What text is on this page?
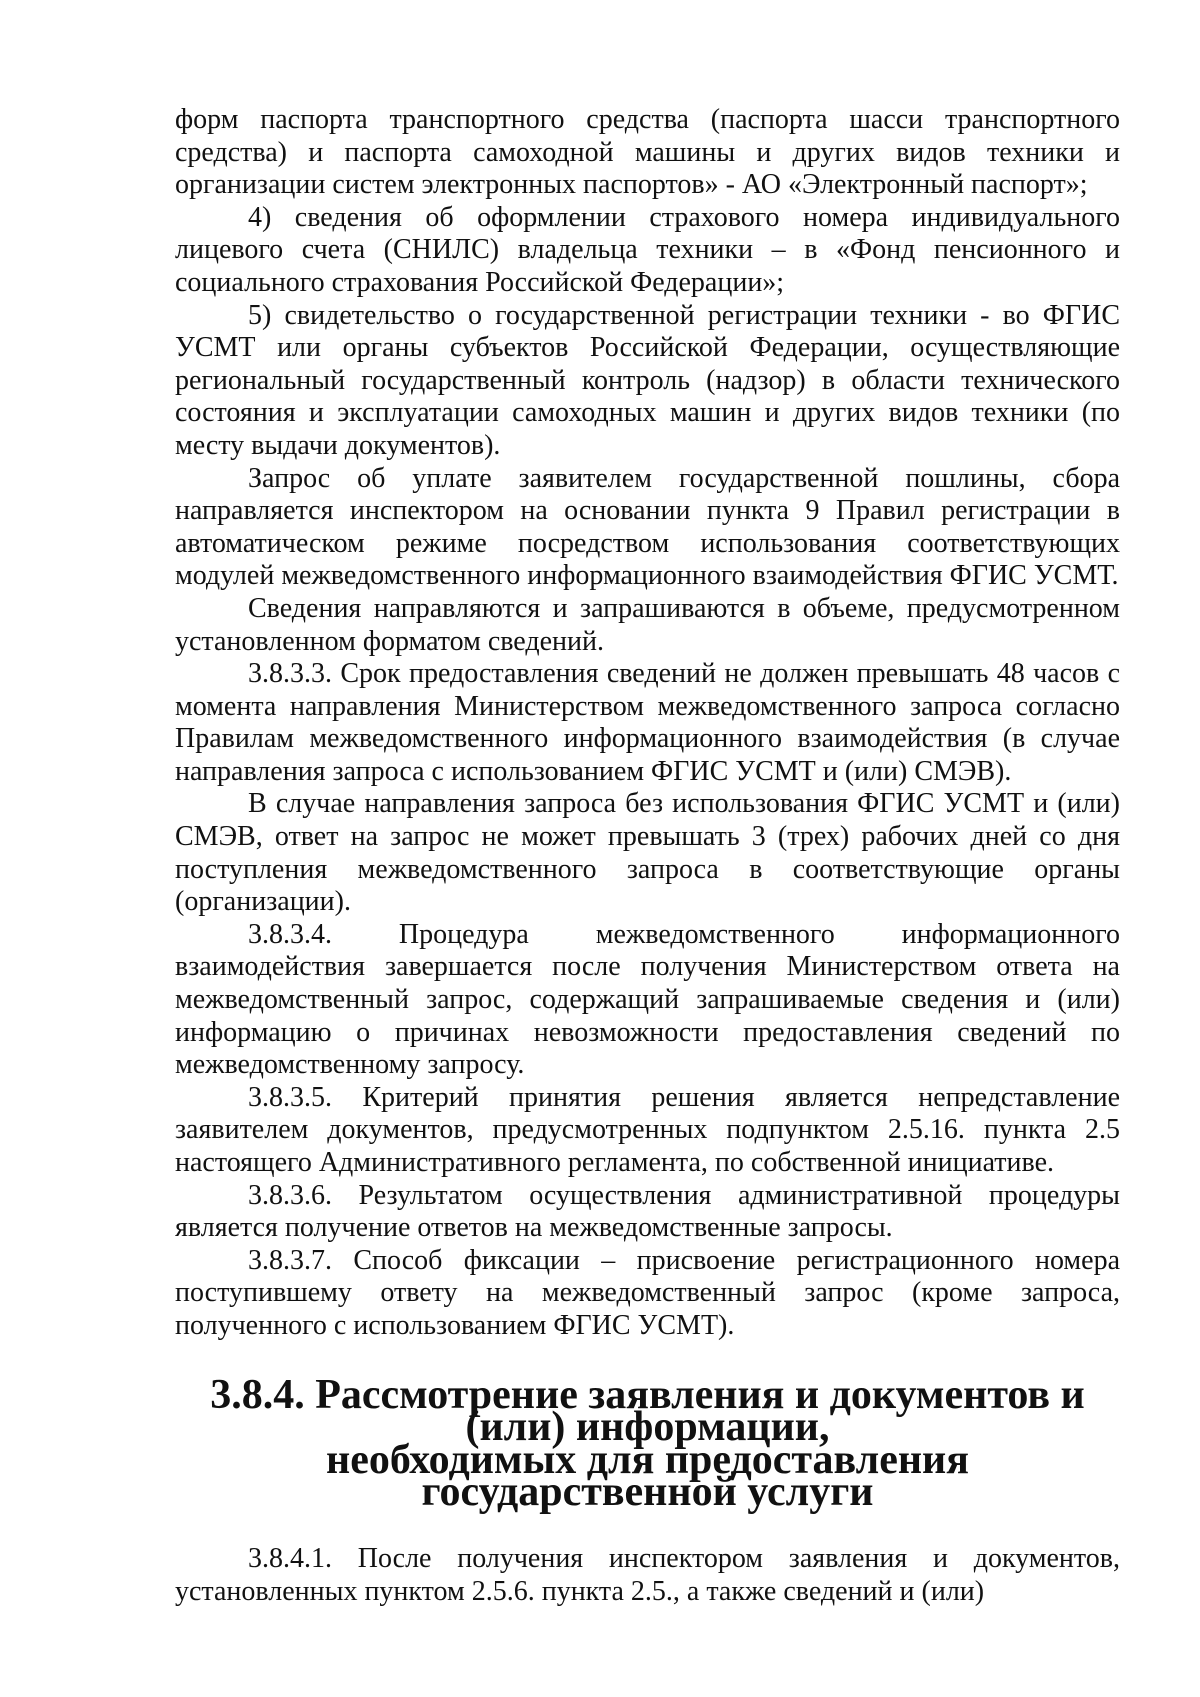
форм паспорта транспортного средства (паспорта шасси транспортного средства) и паспорта самоходной машины и других видов техники и организации систем электронных паспортов» - АО «Электронный паспорт»;

4) сведения об оформлении страхового номера индивидуального лицевого счета (СНИЛС) владельца техники – в «Фонд пенсионного и социального страхования Российской Федерации»;

5) свидетельство о государственной регистрации техники - во ФГИС УСМТ или органы субъектов Российской Федерации, осуществляющие региональный государственный контроль (надзор) в области технического состояния и эксплуатации самоходных машин и других видов техники (по месту выдачи документов).

Запрос об уплате заявителем государственной пошлины, сбора направляется инспектором на основании пункта 9 Правил регистрации в автоматическом режиме посредством использования соответствующих модулей межведомственного информационного взаимодействия ФГИС УСМТ.

Сведения направляются и запрашиваются в объеме, предусмотренном установленном форматом сведений.

3.8.3.3. Срок предоставления сведений не должен превышать 48 часов с момента направления Министерством межведомственного запроса согласно Правилам межведомственного информационного взаимодействия (в случае направления запроса с использованием ФГИС УСМТ и (или) СМЭВ).

В случае направления запроса без использования ФГИС УСМТ и (или) СМЭВ, ответ на запрос не может превышать 3 (трех) рабочих дней со дня поступления межведомственного запроса в соответствующие органы (организации).

3.8.3.4. Процедура межведомственного информационного взаимодействия завершается после получения Министерством ответа на межведомственный запрос, содержащий запрашиваемые сведения и (или) информацию о причинах невозможности предоставления сведений по межведомственному запросу.

3.8.3.5. Критерий принятия решения является непредставление заявителем документов, предусмотренных подпунктом 2.5.16. пункта 2.5 настоящего Административного регламента, по собственной инициативе.

3.8.3.6. Результатом осуществления административной процедуры является получение ответов на межведомственные запросы.

3.8.3.7. Способ фиксации – присвоение регистрационного номера поступившему ответу на межведомственный запрос (кроме запроса, полученного с использованием ФГИС УСМТ).

3.8.4. Рассмотрение заявления и документов и (или) информации,
необходимых для предоставления государственной услуги

3.8.4.1. После получения инспектором заявления и документов, установленных пунктом 2.5.6. пункта 2.5., а также сведений и (или)
